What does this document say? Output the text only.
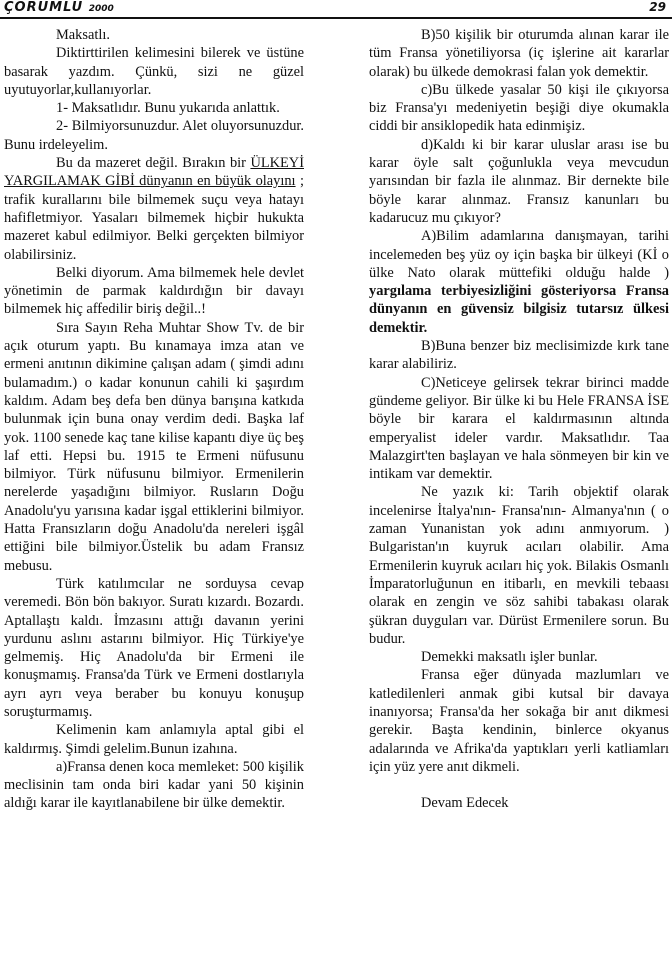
ÇORUMLU 2000	29

Maksatlı.

Diktirttirilen kelimesini bilerek ve üstüne basarak yazdım. Çünkü, sizi ne güzel uyutuyorlar,kullanıyorlar.

1- Maksatlıdır. Bunu yukarıda anlattık.

2- Bilmiyorsunuzdur. Alet oluyorsunuzdur. Bunu irdeleyelim.

Bu da mazeret değil. Bırakın bir ÜLKEYİ YARGILAMAK GİBİ dünyanın en büyük olayını ; trafik kurallarını bile bilmemek suçu veya hatayı hafifletmiyor. Yasaları bilmemek hiçbir hukukta mazeret kabul edilmiyor. Belki gerçekten bilmiyor olabilirsiniz.

Belki diyorum. Ama bilmemek hele devlet yönetimin de parmak kaldırdığın bir davayı bilmemek hiç affedilir biriş değil..!

Sıra Sayın Reha Muhtar Show Tv. de bir açık oturum yaptı. Bu kınamaya imza atan ve ermeni anıtının dikimine çalışan adam ( şimdi adını bulamadım.) o kadar konunun cahili ki şaşırdım kaldım. Adam beş defa ben dünya barışına katkıda bulunmak için buna onay verdim dedi. Başka laf yok. 1100 senede kaç tane kilise kapantı diye üç beş laf etti. Hepsi bu. 1915 te Ermeni nüfusunu bilmiyor. Türk nüfusunu bilmiyor. Ermenilerin nerelerde yaşadığını bilmiyor. Rusların Doğu Anadolu'yu yarısına kadar işgal ettiklerini bilmiyor. Hatta Fransızların doğu Anadolu'da nereleri işgâl ettiğini bile bilmiyor.Üstelik bu adam Fransız mebusu.

Türk katılımcılar ne sorduysa cevap veremedi. Bön bön bakıyor. Suratı kızardı. Bozardı. Aptallaştı kaldı. İmzasını attığı davanın yerini yurdunu aslını astarını bilmiyor. Hiç Türkiye'ye gelmemiş. Hiç Anadolu'da bir Ermeni ile konuşmamış. Fransa'da Türk ve Ermeni dostlarıyla ayrı ayrı veya beraber bu konuyu konuşup soruşturmamış.

Kelimenin kam anlamıyla aptal gibi el kaldırmış. Şimdi gelelim.Bunun izahına.

a)Fransa denen koca memleket: 500 kişilik meclisinin tam onda biri kadar yani 50 kişinin aldığı karar ile kayıtlanabilene bir ülke demektir.

B)50 kişilik bir oturumda alınan karar ile tüm Fransa yönetiliyorsa (iç işlerine ait kararlar olarak) bu ülkede demokrasi falan yok demektir.

c)Bu ülkede yasalar 50 kişi ile çıkıyorsa biz Fransa'yı medeniyetin beşiği diye okumakla ciddi bir ansiklopedik hata edinmişiz.

d)Kaldı ki bir karar uluslar arası ise bu karar öyle salt çoğunlukla veya mevcudun yarısından bir fazla ile alınmaz. Bir dernekte bile böyle karar alınmaz. Fransız kanunları bu kadarucuz mu çıkıyor?

A)Bilim adamlarına danışmayan, tarihi incelemeden beş yüz oy için başka bir ülkeyi (Kİ o ülke Nato olarak müttefiki olduğu halde ) yargılama terbiyesizliğini gösteriyorsa Fransa dünyanın en güvensiz bilgisiz tutarsız ülkesi demektir.

B)Buna benzer biz meclisimizde kırk tane karar alabiliriz.

C)Neticeye gelirsek tekrar birinci madde gündeme geliyor. Bir ülke ki bu Hele FRANSA İSE böyle bir karara el kaldırmasının altında emperyalist ideler vardır. Maksatlıdır. Taa Malazgirt'ten başlayan ve hala sönmeyen bir kin ve intikam var demektir.

Ne yazık ki: Tarih objektif olarak incelenirse İtalya'nın- Fransa'nın- Almanya'nın ( o zaman Yunanistan yok adını anmıyorum. ) Bulgaristan'ın kuyruk acıları olabilir. Ama Ermenilerin kuyruk acıları hiç yok. Bilakis Osmanlı İmparatorluğunun en itibarlı, en mevkili tebaası olarak en zengin ve söz sahibi tabakası olarak şükran duyguları var. Dürüst Ermenilere sorun. Bu budur.

Demekki maksatlı işler bunlar.

Fransa eğer dünyada mazlumları ve katledilenleri anmak gibi kutsal bir davaya inanıyorsa; Fransa'da her sokağa bir anıt dikmesi gerekir. Başta kendinin, binlerce okyanus adalarında ve Afrika'da yaptıkları yerli katliamları için yüz yere anıt dikmeli.

Devam Edecek
